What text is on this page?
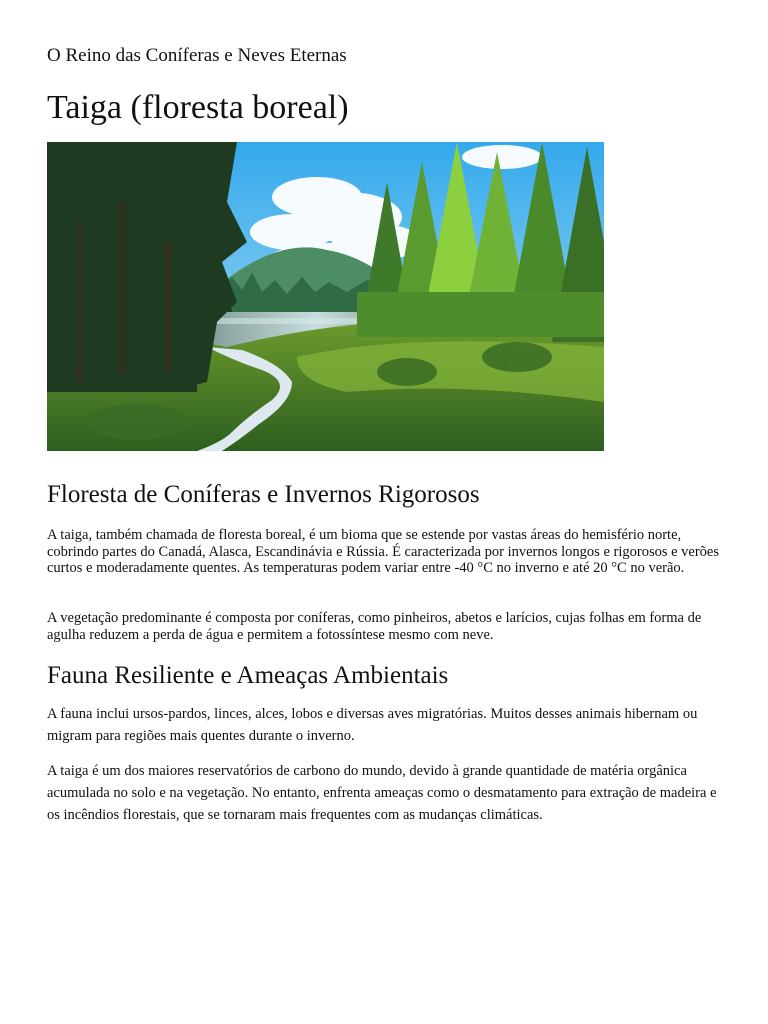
O Reino das Coníferas e Neves Eternas
Taiga (floresta boreal)
Floresta de Coníferas e Invernos Rigorosos

A taiga, também chamada de floresta boreal, é um bioma que se estende por vastas áreas do hemisfério norte, cobrindo partes do Canadá, Alasca, Escandinávia e Rússia. É caracterizada por invernos longos e rigorosos e verões curtos e moderadamente quentes. As temperaturas podem variar entre -40 °C no inverno e até 20 °C no verão.

A vegetação predominante é composta por coníferas, como pinheiros, abetos e larícios, cujas folhas em forma de agulha reduzem a perda de água e permitem a fotossíntese mesmo com neve.

Fauna Resiliente e Ameaças Ambientais

A fauna inclui ursos-pardos, linces, alces, lobos e diversas aves migratórias. Muitos desses animais hibernam ou migram para regiões mais quentes durante o inverno.

A taiga é um dos maiores reservatórios de carbono do mundo, devido à grande quantidade de matéria orgânica acumulada no solo e na vegetação. No entanto, enfrenta ameaças como o desmatamento para extração de madeira e os incêndios florestais, que se tornaram mais frequentes com as mudanças climáticas.
